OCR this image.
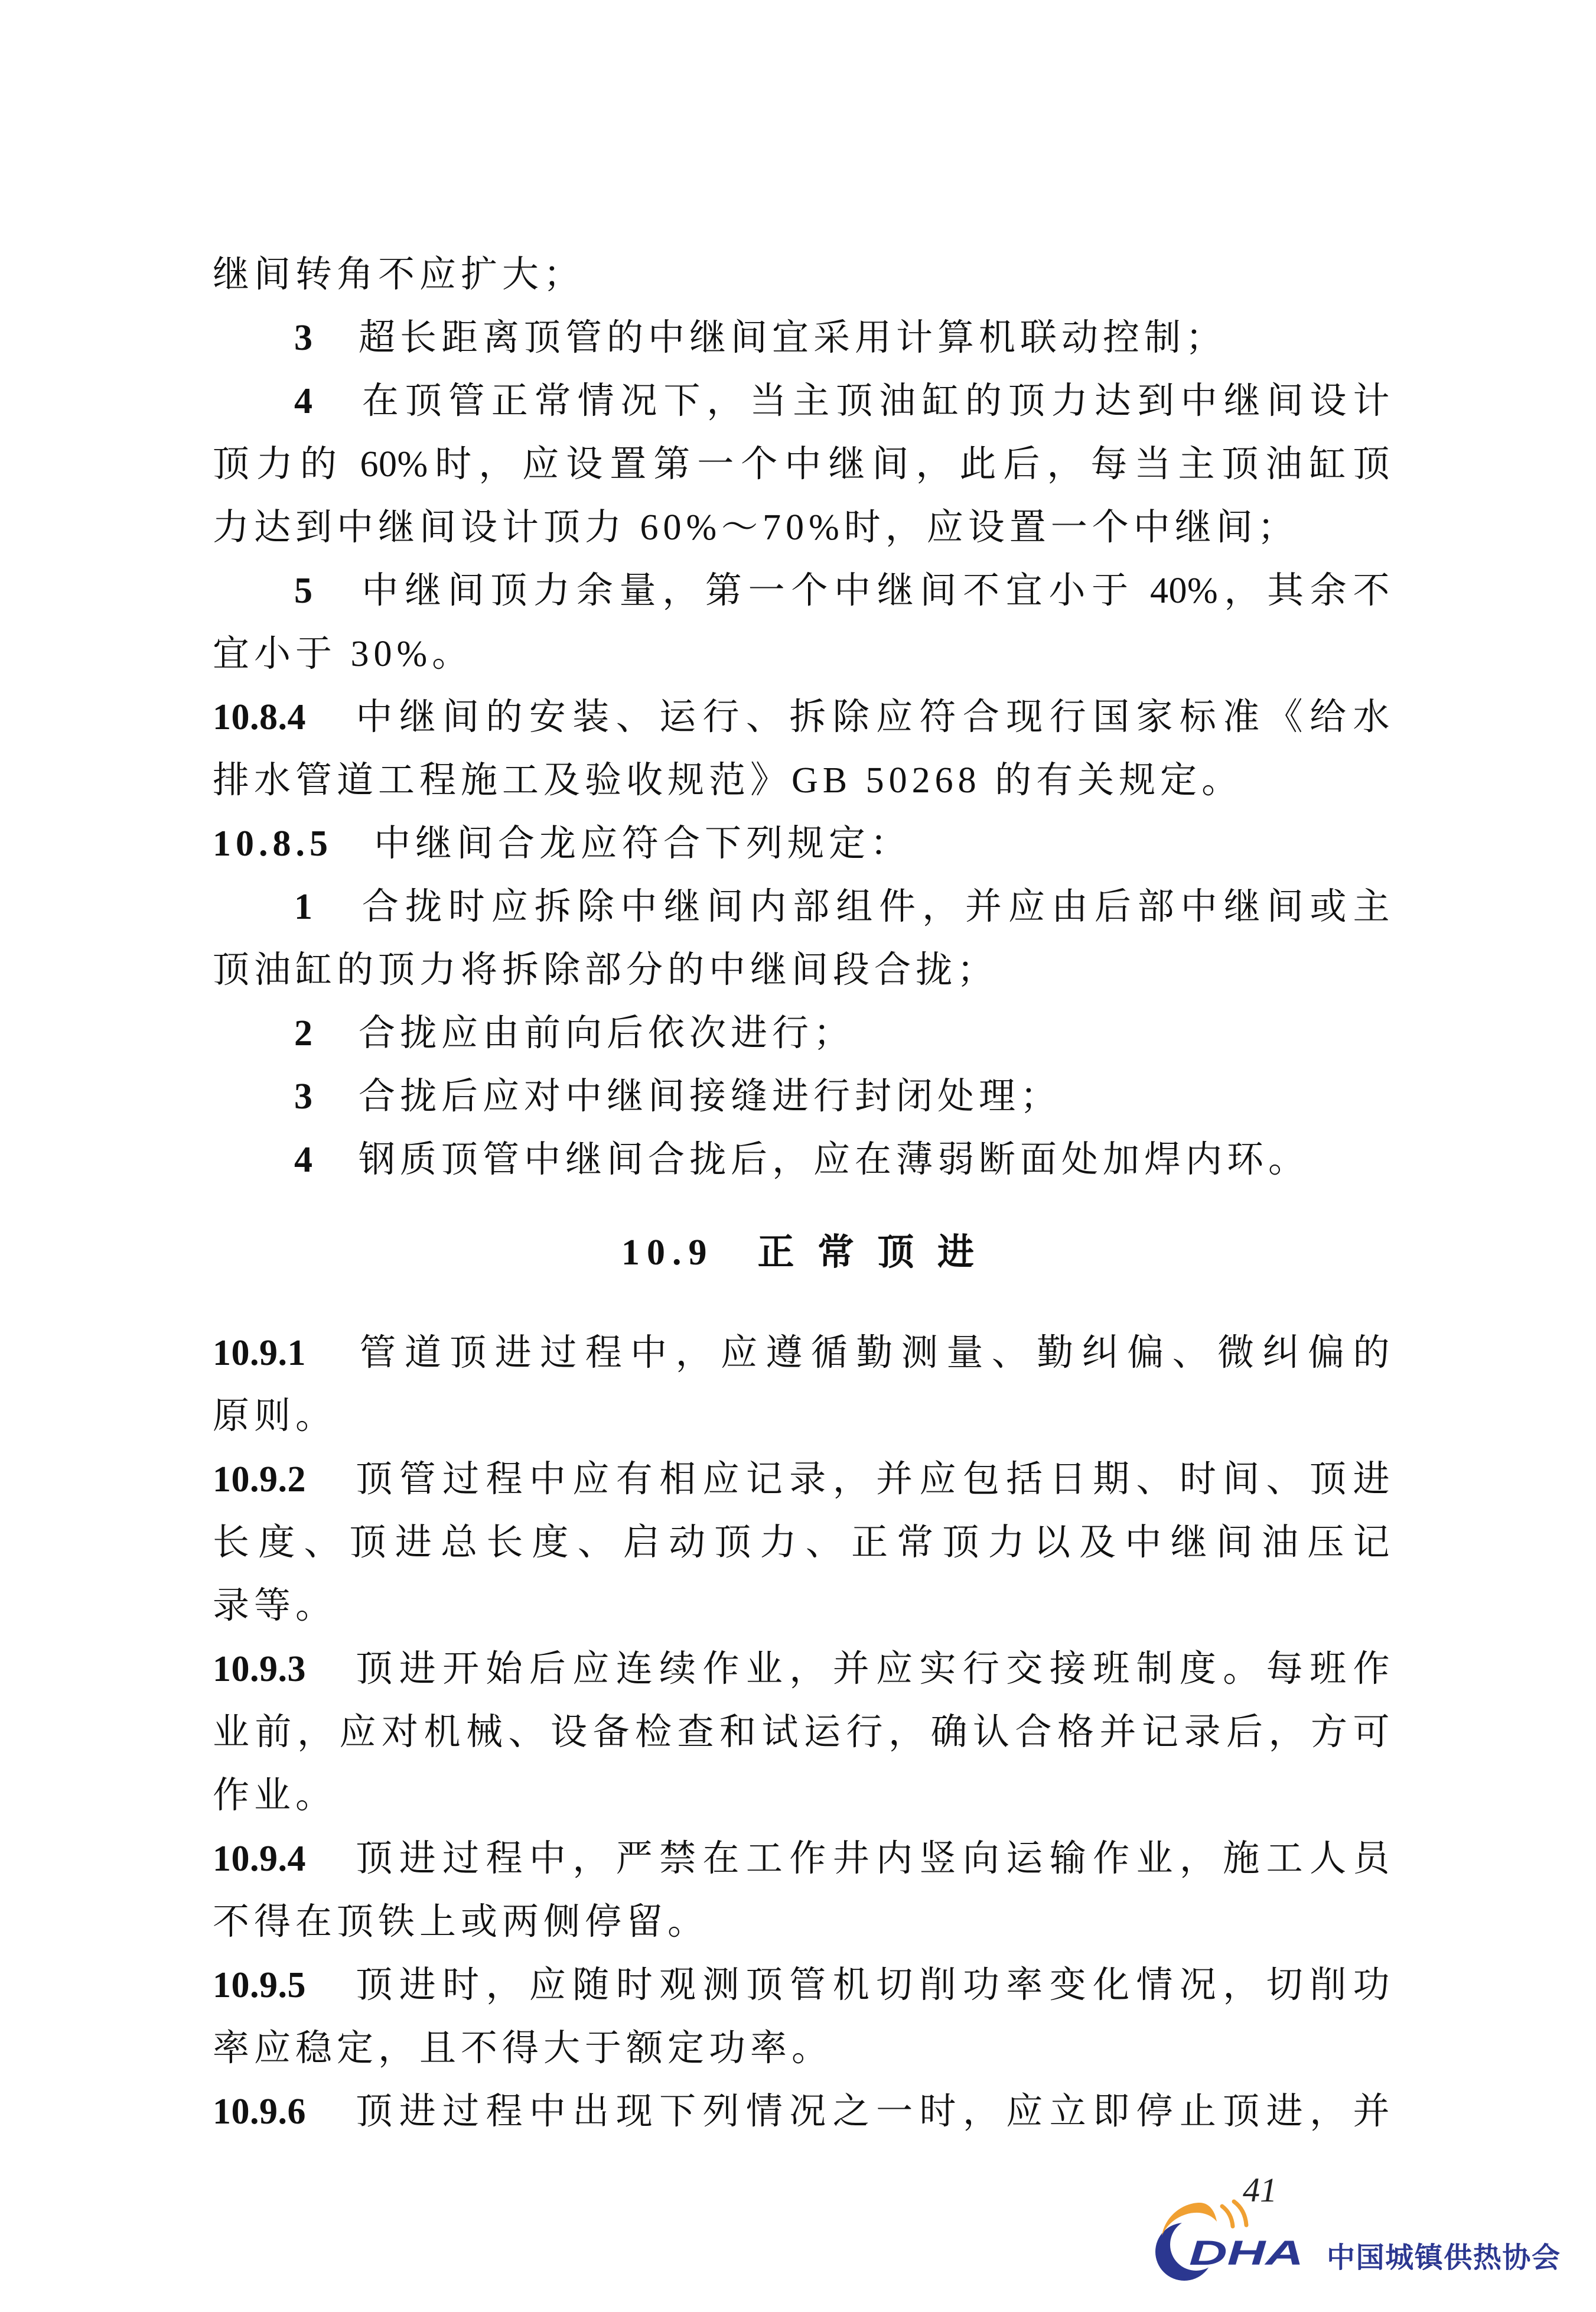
继间转角不应扩大；
3　超长距离顶管的中继间宜采用计算机联动控制；
4　在顶管正常情况下，当主顶油缸的顶力达到中继间设计
顶力的 60%时，应设置第一个中继间，此后，每当主顶油缸顶
力达到中继间设计顶力 60%～70%时，应设置一个中继间；
5　中继间顶力余量，第一个中继间不宜小于 40%，其余不
宜小于 30%。
10.8.4　中继间的安装、运行、拆除应符合现行国家标准《给水
排水管道工程施工及验收规范》GB 50268 的有关规定。
10.8.5　中继间合龙应符合下列规定：
1　合拢时应拆除中继间内部组件，并应由后部中继间或主
顶油缸的顶力将拆除部分的中继间段合拢；
2　合拢应由前向后依次进行；
3　合拢后应对中继间接缝进行封闭处理；
4　钢质顶管中继间合拢后，应在薄弱断面处加焊内环。
10.9　正 常 顶 进
10.9.1　管道顶进过程中，应遵循勤测量、勤纠偏、微纠偏的
原则。
10.9.2　顶管过程中应有相应记录，并应包括日期、时间、顶进
长度、顶进总长度、启动顶力、正常顶力以及中继间油压记
录等。
10.9.3　顶进开始后应连续作业，并应实行交接班制度。每班作
业前，应对机械、设备检查和试运行，确认合格并记录后，方可
作业。
10.9.4　顶进过程中，严禁在工作井内竖向运输作业，施工人员
不得在顶铁上或两侧停留。
10.9.5　顶进时，应随时观测顶管机切削功率变化情况，切削功
率应稳定，且不得大于额定功率。
10.9.6　顶进过程中出现下列情况之一时，应立即停止顶进，并
41
DHA 中国城镇供热协会
